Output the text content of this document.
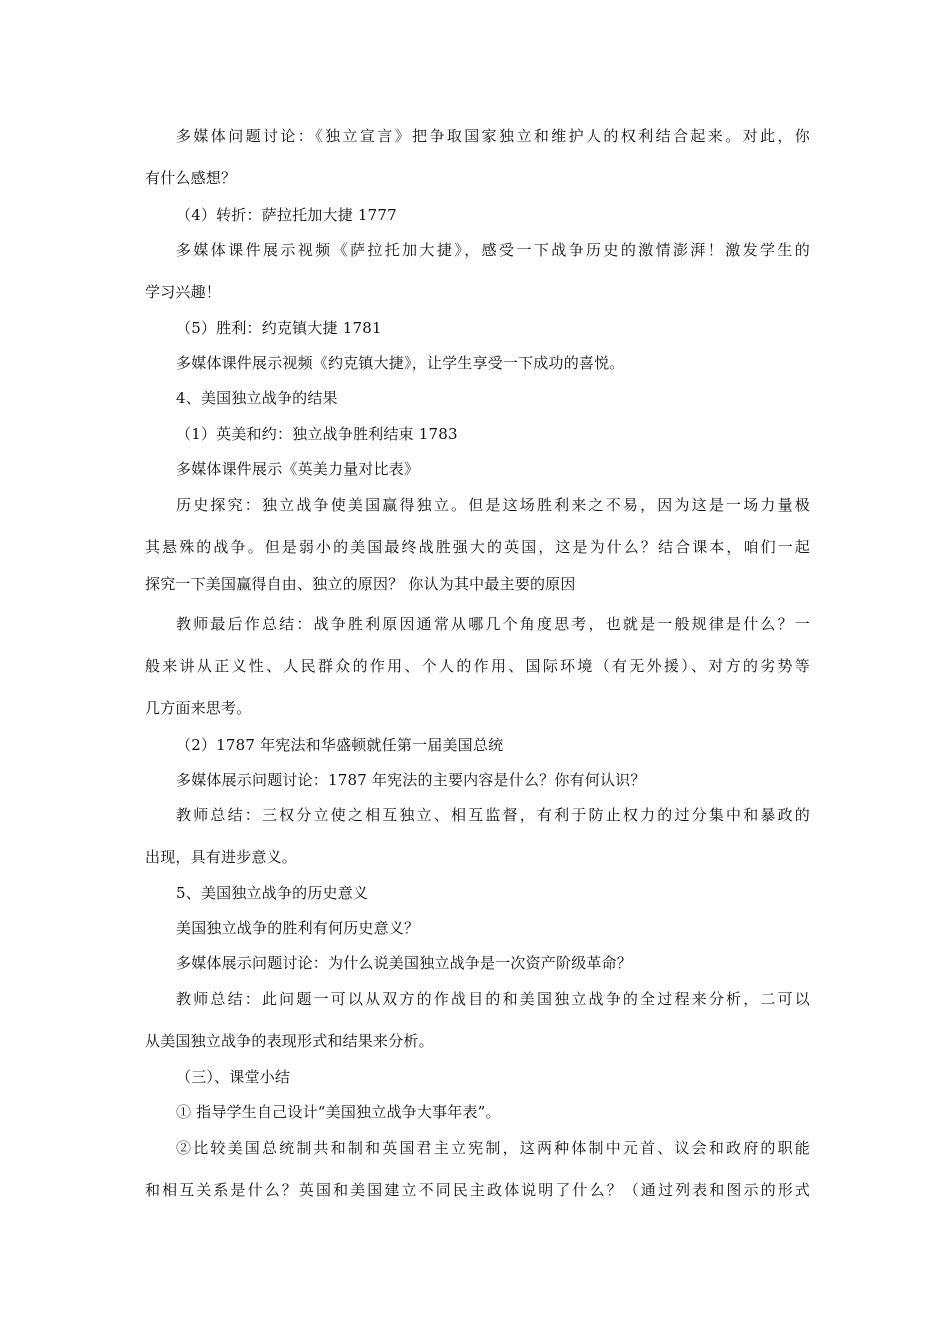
多媒体问题讨论：《独立宣言》把争取国家独立和维护人的权利结合起来。对此，你
有什么感想？
（4）转折：萨拉托加大捷 1777
多媒体课件展示视频《萨拉托加大捷》，感受一下战争历史的激情澎湃！激发学生的
学习兴趣！
（5）胜利：约克镇大捷 1781
多媒体课件展示视频《约克镇大捷》，让学生享受一下成功的喜悦。
4、美国独立战争的结果
（1）英美和约：独立战争胜利结束 1783
多媒体课件展示《英美力量对比表》
历史探究：独立战争使美国赢得独立。但是这场胜利来之不易，因为这是一场力量极
其悬殊的战争。但是弱小的美国最终战胜强大的英国，这是为什么？结合课本，咱们一起
探究一下美国赢得自由、独立的原因？ 你认为其中最主要的原因
教师最后作总结：战争胜利原因通常从哪几个角度思考，也就是一般规律是什么？一
般来讲从正义性、人民群众的作用、个人的作用、国际环境（有无外援）、对方的劣势等
几方面来思考。
（2）1787 年宪法和华盛顿就任第一届美国总统
多媒体展示问题讨论：1787 年宪法的主要内容是什么？你有何认识？
教师总结：三权分立使之相互独立、相互监督，有利于防止权力的过分集中和暴政的
出现，具有进步意义。
5、美国独立战争的历史意义
美国独立战争的胜利有何历史意义？
多媒体展示问题讨论：为什么说美国独立战争是一次资产阶级革命？
教师总结：此问题一可以从双方的作战目的和美国独立战争的全过程来分析，二可以
从美国独立战争的表现形式和结果来分析。
（三）、课堂小结
① 指导学生自己设计“美国独立战争大事年表”。
②比较美国总统制共和制和英国君主立宪制，这两种体制中元首、议会和政府的职能
和相互关系是什么？英国和美国建立不同民主政体说明了什么？（通过列表和图示的形式
